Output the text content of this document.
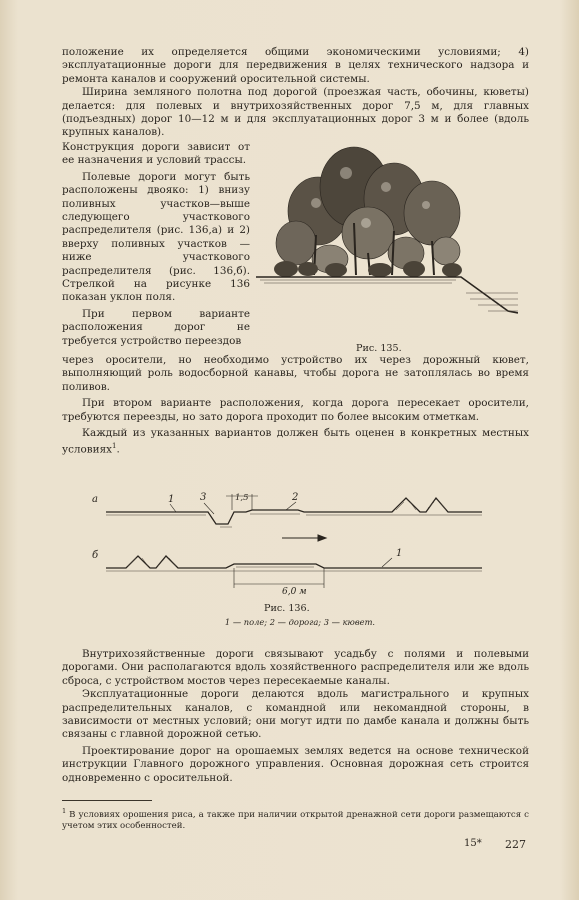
положение их определяется общими экономическими условиями; 4) эксплуатационные дороги для передвижения в целях технического надзора и ремонта каналов и сооружений оросительной системы.

Ширина земляного полотна под дорогой (проезжая часть, обочины, кюветы) делается: для полевых и внутрихозяйственных дорог 7,5 м, для главных (подъездных) дорог 10—12 м и для эксплуатационных дорог 3 м и более (вдоль крупных каналов).

Конструкция дороги зависит от ее назначения и условий трассы.

Полевые дороги могут быть расположены двояко: 1) внизу поливных участков—выше следующего участкового распределителя (рис. 136,а) и 2) вверху поливных участков — ниже участкового распределителя (рис. 136,б). Стрелкой на рисунке 136 показан уклон поля.

При первом варианте расположения дорог не требуется устройство переездов

Рис. 135.

через оросители, но необходимо устройство их через дорожный кювет, выполняющий роль водосборной канавы, чтобы дорога не затоплялась во время поливов.

При втором варианте расположения, когда дорога пересекает оросители, требуются переезды, но зато дорога проходит по более высоким отметкам.

Каждый из указанных вариантов должен быть оценен в конкретных местных условиях$^1$.

а	1	3	1,5	2
б	1
6,0 м
Рис. 136.
1 — поле; 2 — дорога; 3 — кювет.

Внутрихозяйственные дороги связывают усадьбу с полями и полевыми дорогами. Они располагаются вдоль хозяйственного распределителя или же вдоль сброса, с устройством мостов через пересекаемые каналы.

Эксплуатационные дороги делаются вдоль магистрального и крупных распределительных каналов, с командной или некомандной стороны, в зависимости от местных условий; они могут идти по дамбе канала и должны быть связаны с главной дорожной сетью.

Проектирование дорог на орошаемых землях ведется на основе технической инструкции Главного дорожного управления. Основная дорожная сеть строится одновременно с оросительной.

$^1$ В условиях орошения риса, а также при наличии открытой дренажной сети дороги размещаются с учетом этих особенностей.
15* 227
